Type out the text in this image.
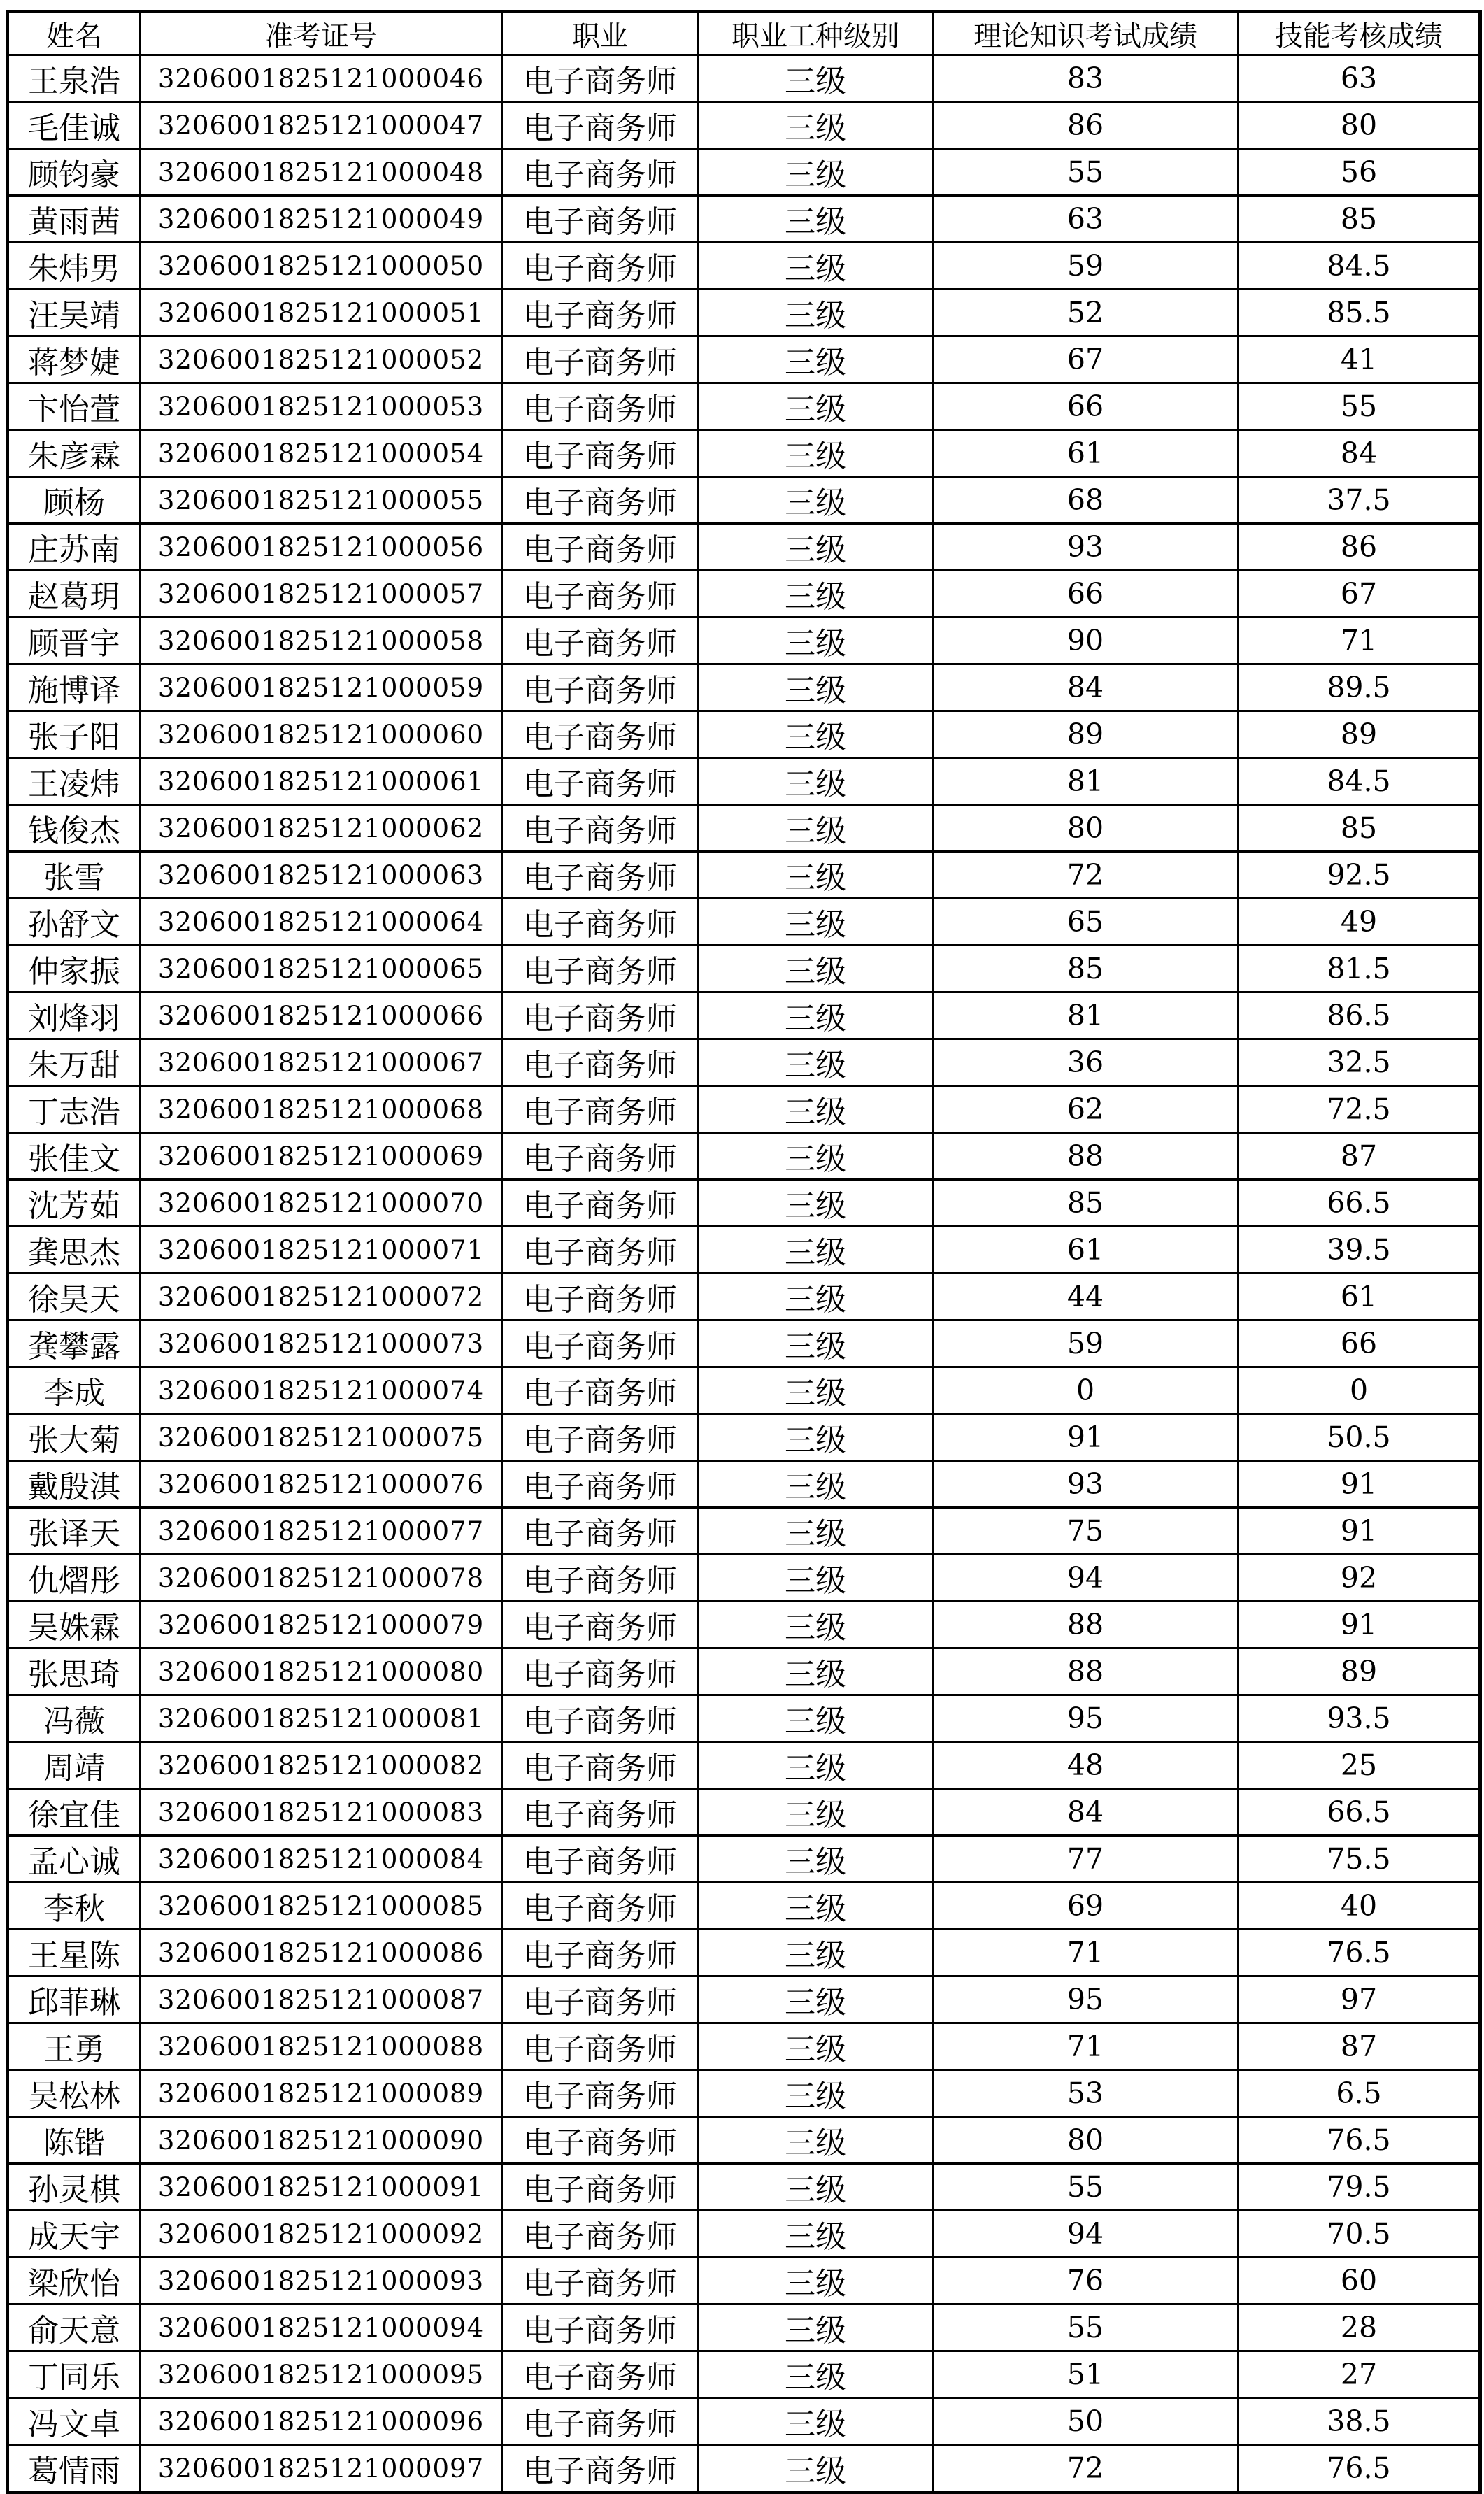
姓名	准考证号	职业	职业工种级别	理论知识考试成绩	技能考核成绩
王泉浩	3206001825121000046	电子商务师	三级	83	63
毛佳诚	3206001825121000047	电子商务师	三级	86	80
顾钧豪	3206001825121000048	电子商务师	三级	55	56
黄雨茜	3206001825121000049	电子商务师	三级	63	85
朱炜男	3206001825121000050	电子商务师	三级	59	84.5
汪吴靖	3206001825121000051	电子商务师	三级	52	85.5
蒋梦婕	3206001825121000052	电子商务师	三级	67	41
卞怡萱	3206001825121000053	电子商务师	三级	66	55
朱彦霖	3206001825121000054	电子商务师	三级	61	84
顾杨	3206001825121000055	电子商务师	三级	68	37.5
庄苏南	3206001825121000056	电子商务师	三级	93	86
赵葛玥	3206001825121000057	电子商务师	三级	66	67
顾晋宇	3206001825121000058	电子商务师	三级	90	71
施博译	3206001825121000059	电子商务师	三级	84	89.5
张子阳	3206001825121000060	电子商务师	三级	89	89
王凌炜	3206001825121000061	电子商务师	三级	81	84.5
钱俊杰	3206001825121000062	电子商务师	三级	80	85
张雪	3206001825121000063	电子商务师	三级	72	92.5
孙舒文	3206001825121000064	电子商务师	三级	65	49
仲家振	3206001825121000065	电子商务师	三级	85	81.5
刘烽羽	3206001825121000066	电子商务师	三级	81	86.5
朱万甜	3206001825121000067	电子商务师	三级	36	32.5
丁志浩	3206001825121000068	电子商务师	三级	62	72.5
张佳文	3206001825121000069	电子商务师	三级	88	87
沈芳茹	3206001825121000070	电子商务师	三级	85	66.5
龚思杰	3206001825121000071	电子商务师	三级	61	39.5
徐昊天	3206001825121000072	电子商务师	三级	44	61
龚攀露	3206001825121000073	电子商务师	三级	59	66
李成	3206001825121000074	电子商务师	三级	0	0
张大菊	3206001825121000075	电子商务师	三级	91	50.5
戴殷淇	3206001825121000076	电子商务师	三级	93	91
张译天	3206001825121000077	电子商务师	三级	75	91
仇熠彤	3206001825121000078	电子商务师	三级	94	92
吴姝霖	3206001825121000079	电子商务师	三级	88	91
张思琦	3206001825121000080	电子商务师	三级	88	89
冯薇	3206001825121000081	电子商务师	三级	95	93.5
周靖	3206001825121000082	电子商务师	三级	48	25
徐宜佳	3206001825121000083	电子商务师	三级	84	66.5
孟心诚	3206001825121000084	电子商务师	三级	77	75.5
李秋	3206001825121000085	电子商务师	三级	69	40
王星陈	3206001825121000086	电子商务师	三级	71	76.5
邱菲琳	3206001825121000087	电子商务师	三级	95	97
王勇	3206001825121000088	电子商务师	三级	71	87
吴松林	3206001825121000089	电子商务师	三级	53	6.5
陈锴	3206001825121000090	电子商务师	三级	80	76.5
孙灵棋	3206001825121000091	电子商务师	三级	55	79.5
成天宇	3206001825121000092	电子商务师	三级	94	70.5
梁欣怡	3206001825121000093	电子商务师	三级	76	60
俞天意	3206001825121000094	电子商务师	三级	55	28
丁同乐	3206001825121000095	电子商务师	三级	51	27
冯文卓	3206001825121000096	电子商务师	三级	50	38.5
葛情雨	3206001825121000097	电子商务师	三级	72	76.5
